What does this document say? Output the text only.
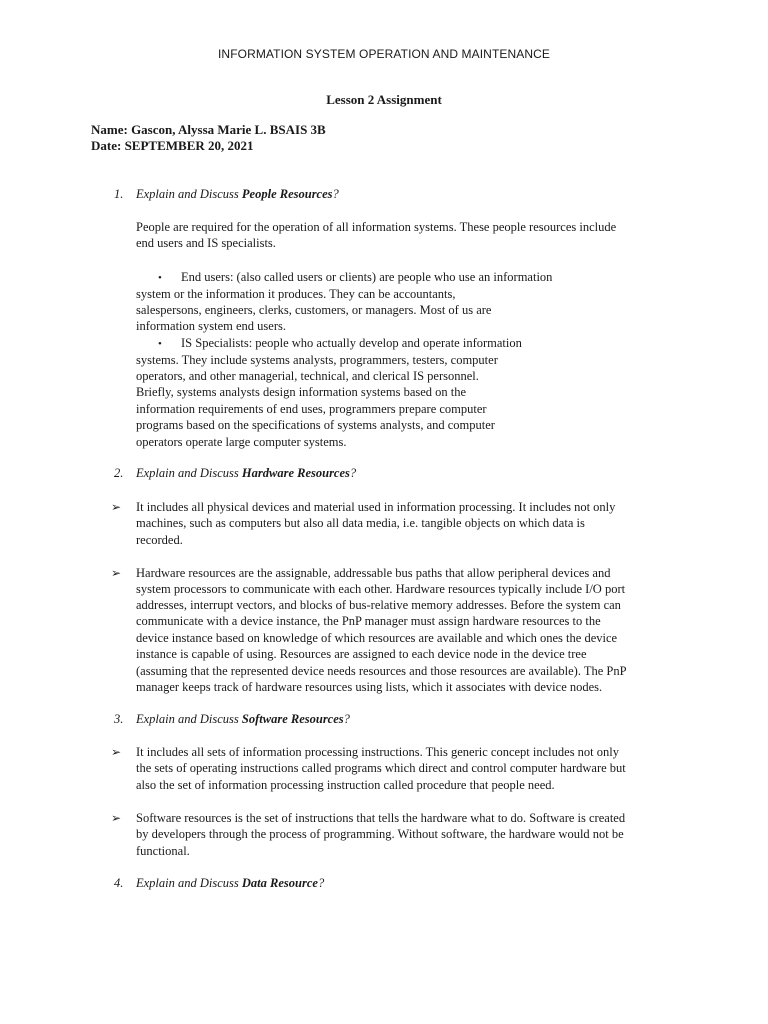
INFORMATION SYSTEM OPERATION AND MAINTENANCE
Lesson 2 Assignment
Name: Gascon, Alyssa Marie L. BSAIS 3B
Date: SEPTEMBER 20, 2021
1. Explain and Discuss People Resources?
People are required for the operation of all information systems. These people resources include
end users and IS specialists.
• End users: (also called users or clients) are people who use an information
system or the information it produces. They can be accountants,
salespersons, engineers, clerks, customers, or managers. Most of us are
information system end users.
• IS Specialists: people who actually develop and operate information
systems. They include systems analysts, programmers, testers, computer
operators, and other managerial, technical, and clerical IS personnel.
Briefly, systems analysts design information systems based on the
information requirements of end uses, programmers prepare computer
programs based on the specifications of systems analysts, and computer
operators operate large computer systems.
2. Explain and Discuss Hardware Resources?
➢ It includes all physical devices and material used in information processing. It includes not only
machines, such as computers but also all data media, i.e. tangible objects on which data is
recorded.
➢ Hardware resources are the assignable, addressable bus paths that allow peripheral devices and
system processors to communicate with each other. Hardware resources typically include I/O port
addresses, interrupt vectors, and blocks of bus-relative memory addresses. Before the system can
communicate with a device instance, the PnP manager must assign hardware resources to the
device instance based on knowledge of which resources are available and which ones the device
instance is capable of using. Resources are assigned to each device node in the device tree
(assuming that the represented device needs resources and those resources are available). The PnP
manager keeps track of hardware resources using lists, which it associates with device nodes.
3. Explain and Discuss Software Resources?
➢ It includes all sets of information processing instructions. This generic concept includes not only
the sets of operating instructions called programs which direct and control computer hardware but
also the set of information processing instruction called procedure that people need.
➢ Software resources is the set of instructions that tells the hardware what to do. Software is created
by developers through the process of programming. Without software, the hardware would not be
functional.
4. Explain and Discuss Data Resource?
